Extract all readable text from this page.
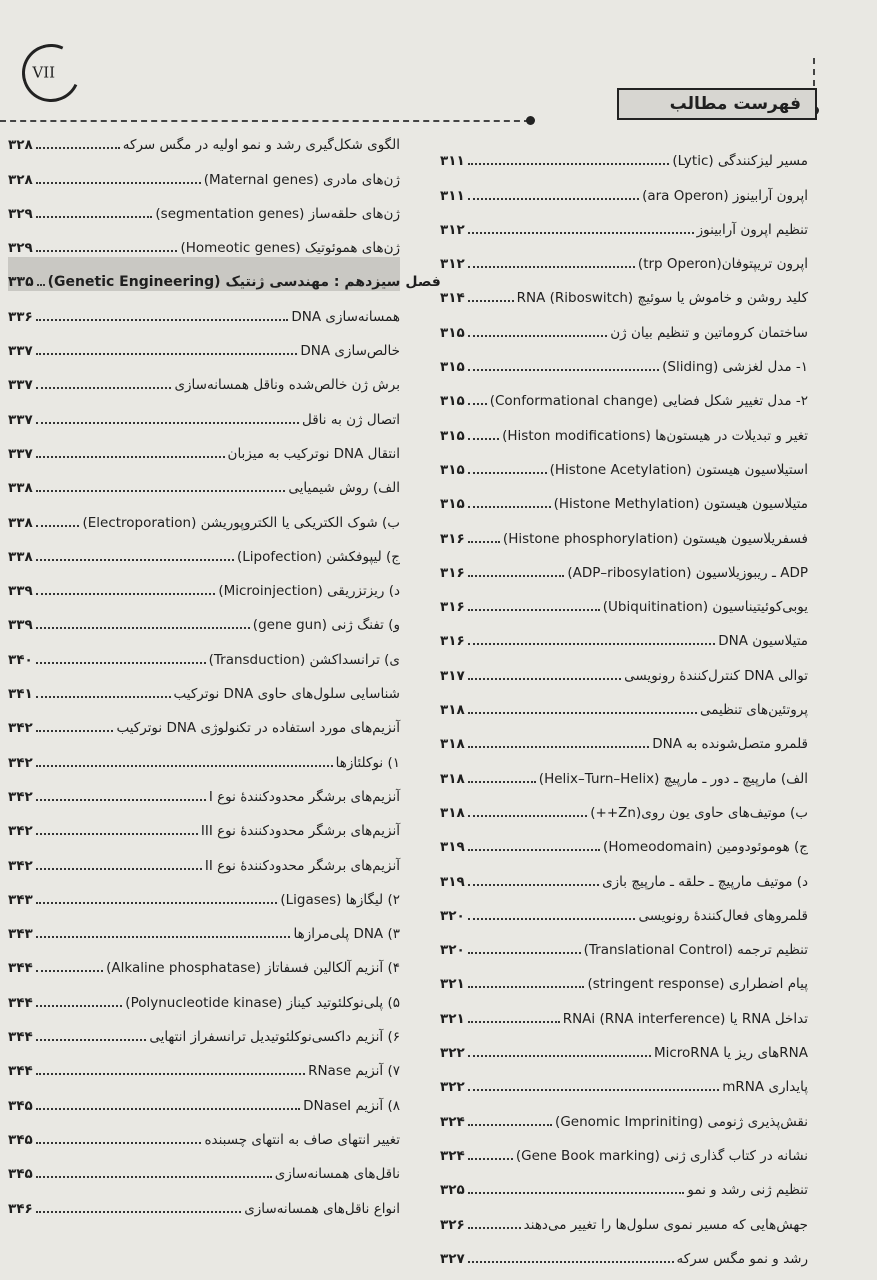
VII
فهرست مطالب
۳۱۱	مسیر لیزکنندگی (Lytic)
۳۱۱	اپرون آرابینوز (ara Operon)
۳۱۲	تنظیم اپرون آرابینوز
۳۱۲	اپرون تریپتوفان(trp Operon)
۳۱۴	کلید روشن و خاموش یا سوئیچ RNA (Riboswitch)
۳۱۵	ساختمان کروماتین و تنظیم بیان ژن
۳۱۵	۱- مدل لغزشی (Sliding)
۳۱۵ ۲- مدل تغییر شکل فضایی (Conformational change)
۳۱۵	تغیر و تبدیلات در هیستون‌ها (Histon modifications)
۳۱۵	استیلاسیون هیستون (Histone Acetylation)
۳۱۵	متیلاسیون هیستون (Histone Methylation)
۳۱۶	فسفریلاسیون هیستون (Histone phosphorylation)
۳۱۶	ADP ـ ریبوزیلاسیون (ADP–ribosylation)
۳۱۶	یوبی‌کوئیتیناسیون (Ubiquitination)
۳۱۶	متیلاسیون DNA
۳۱۷	توالی DNA کنترل‌کنندهٔ رونویسی
۳۱۸	پروتئین‌های تنظیمی
۳۱۸	قلمرو متصل‌شونده به DNA
۳۱۸	الف) مارپیچ ـ دور ـ مارپیچ (Helix–Turn–Helix)
۳۱۸	ب) موتیف‌های حاوی یون روی(Zn++)
۳۱۹	ج) هوموئودومین (Homeodomain)
۳۱۹	د) موتیف مارپیچ ـ حلقه ـ مارپیچ بازی
۳۲۰	قلمروهای فعال‌کنندهٔ رونویسی
۳۲۰	تنظیم ترجمه (Translational Control)
۳۲۱	پیام اضطراری (stringent response)
۳۲۱	تداخل RNA یا RNAi (RNA interference)
۳۲۲	RNAهای ریز یا MicroRNA
۳۲۲	پایداری mRNA
۳۲۴	نقش‌پذیری ژنومی (Genomic Impriniting)
۳۲۴	نشانه در کتاب گذاری ژنی (Gene Book marking)
۳۲۵	تنظیم ژنی رشد و نمو
۳۲۶	جهش‌هایی که مسیر نموی سلول‌ها را تغییر می‌دهند
۳۲۷	رشد و نمو مگس سرکه
۳۲۸	الگوی شکل‌گیری رشد و نمو اولیه در مگس سرکه
۳۲۸	ژن‌های مادری (Maternal genes)
۳۲۹	ژن‌های حلقه‌ساز (segmentation genes)
۳۲۹	ژن‌های هموئوتیک (Homeotic genes)
۳۳۵ فصل سیزدهم : مهندسی ژنتیک (Genetic Engineering)
۳۳۶	همسانه‌سازی DNA
۳۳۷	خالص‌سازی DNA
۳۳۷	برش ژن خالص‌شده وناقل همسانه‌سازی
۳۳۷	اتصال ژن به ناقل
۳۳۷	انتقال DNA نوترکیب به میزبان
۳۳۸	الف) روش شیمیایی
۳۳۸	ب) شوک الکتریکی یا الکتروپوریشن (Electroporation)
۳۳۸	ج) لیپوفکشن (Lipofection)
۳۳۹	د) ریزتزریقی (Microinjection)
۳۳۹	و) تفنگ ژنی (gene gun)
۳۴۰	ی) ترانسداکشن (Transduction)
۳۴۱	شناسایی سلول‌های حاوی DNA نوترکیب
۳۴۲	آنزیم‌های مورد استفاده در تکنولوژی DNA نوترکیب
۳۴۲	۱) نوکلئازها
۳۴۲	آنزیم‌های برشگر محدودکنندهٔ نوع I
۳۴۲	آنزیم‌های برشگر محدودکنندهٔ نوع III
۳۴۲	آنزیم‌های برشگر محدودکنندهٔ نوع II
۳۴۳	۲) لیگازها (Ligases)
۳۴۳	۳) DNA پلی‌مرازها
۳۴۴	۴) آنزیم آلکالین فسفاتاز (Alkaline phosphatase)
۳۴۴	۵) پلی‌نوکلئوتید کیناز (Polynucleotide kinase)
۳۴۴	۶) آنزیم داکسی‌نوکلئوتیدیل ترانسفراز انتهایی
۳۴۴	۷) آنزیم RNase
۳۴۵	۸) آنزیم DNaseI
۳۴۵	تغییر انتهای صاف به انتهای چسبنده
۳۴۵	ناقل‌های همسانه‌سازی
۳۴۶	انواع ناقل‌های همسانه‌سازی
